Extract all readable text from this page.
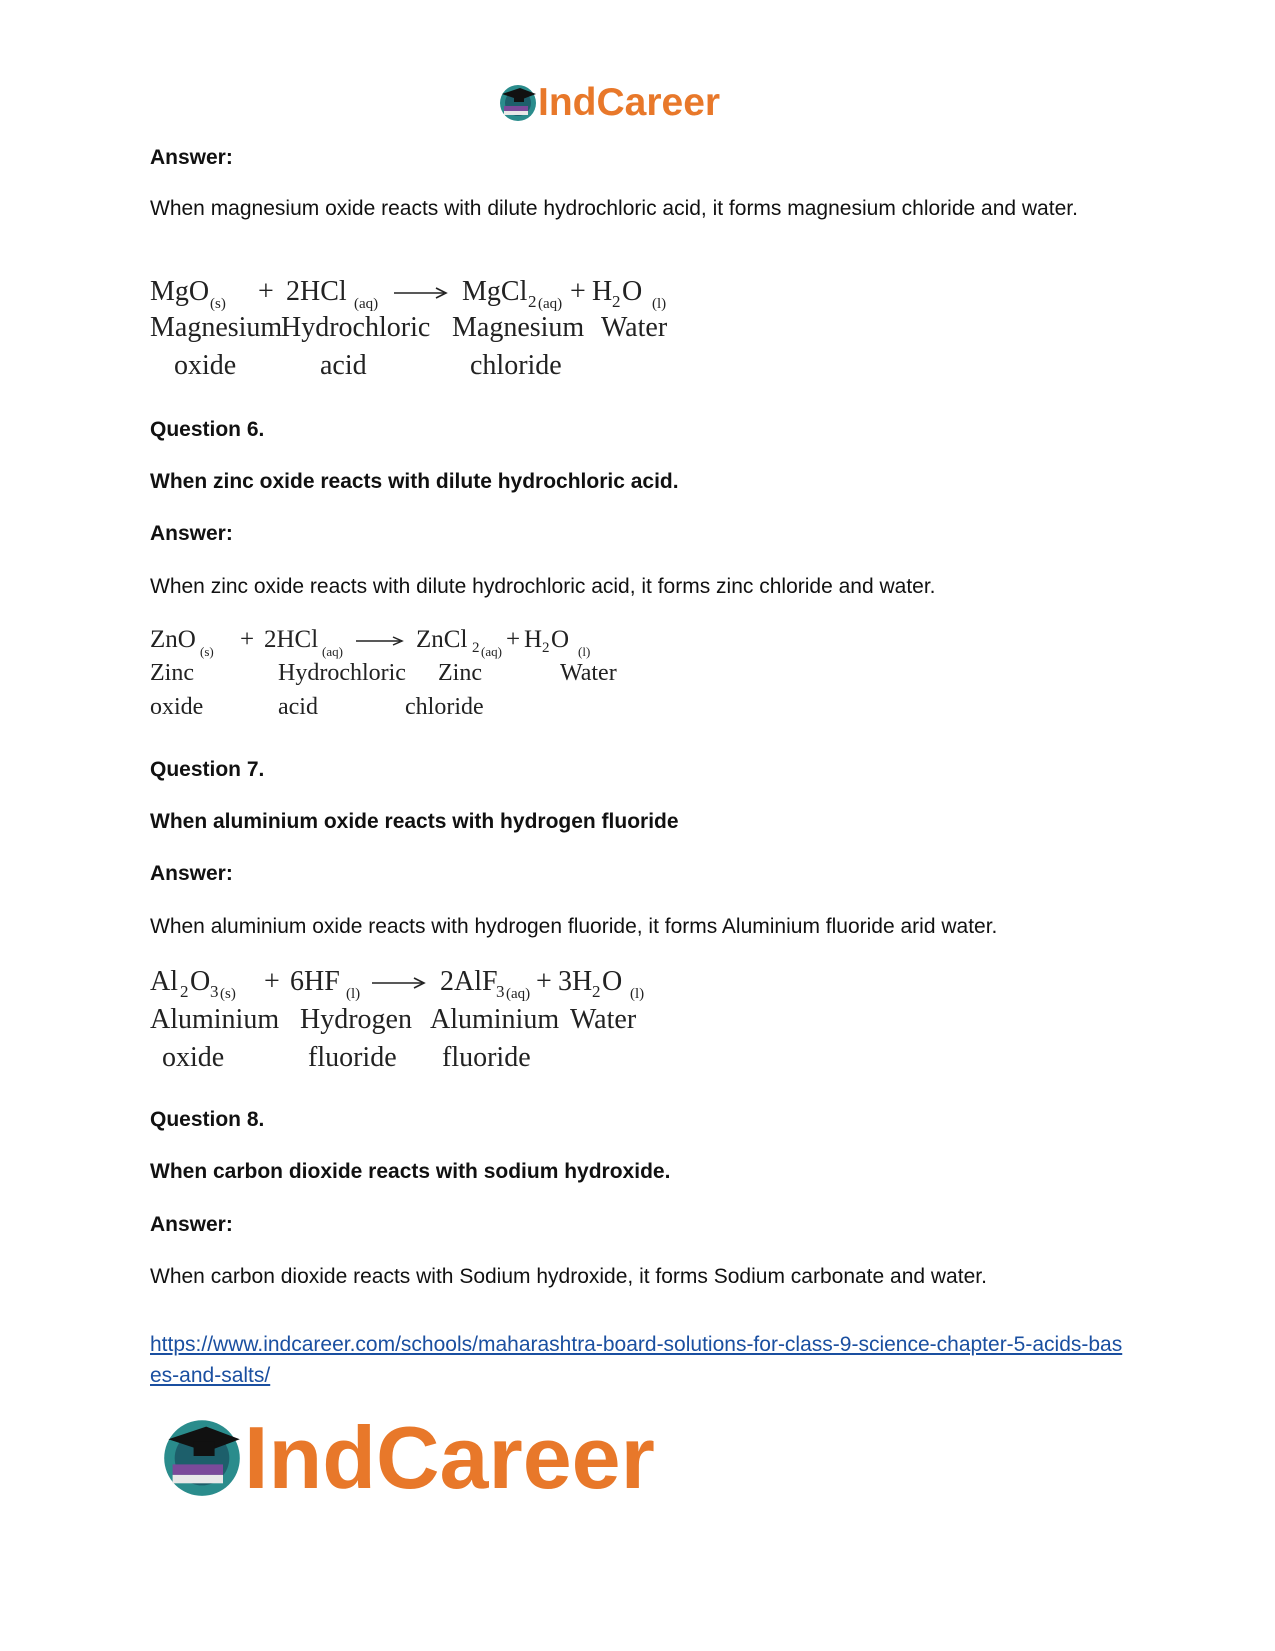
IndCareer
Answer:
When magnesium oxide reacts with dilute hydrochloric acid, it forms magnesium chloride and water.
MgO (s) + 2HCl (aq)	MgCl 2 (aq) + H 2 O (l)
Magnesium
Hydrochloric Magnesium Water
oxide	acid	chloride
Question 6.
When zinc oxide reacts with dilute hydrochloric acid.
Answer:
When zinc oxide reacts with dilute hydrochloric acid, it forms zinc chloride and water.
ZnO (s) + 2HCl (aq)	ZnCl 2 (aq) + H 2 O (l)
Zinc	Hydrochloric Zinc	Water
oxide	acid	chloride
Question 7.
When aluminium oxide reacts with hydrogen fluoride
Answer:
When aluminium oxide reacts with hydrogen fluoride, it forms Aluminium fluoride arid water.
Al 2 O 3 (s) + 6HF (l)	2AlF
3 (aq) + 3H 2 O (l)
Aluminium Hydrogen Aluminium Water
oxide	fluoride fluoride
Question 8.
When carbon dioxide reacts with sodium hydroxide.
Answer:
When carbon dioxide reacts with Sodium hydroxide, it forms Sodium carbonate and water.
https://www.indcareer.com/schools/maharashtra-board-solutions-for-class-9-science-chapter-5-acids-bases-and-salts/
IndCareer
